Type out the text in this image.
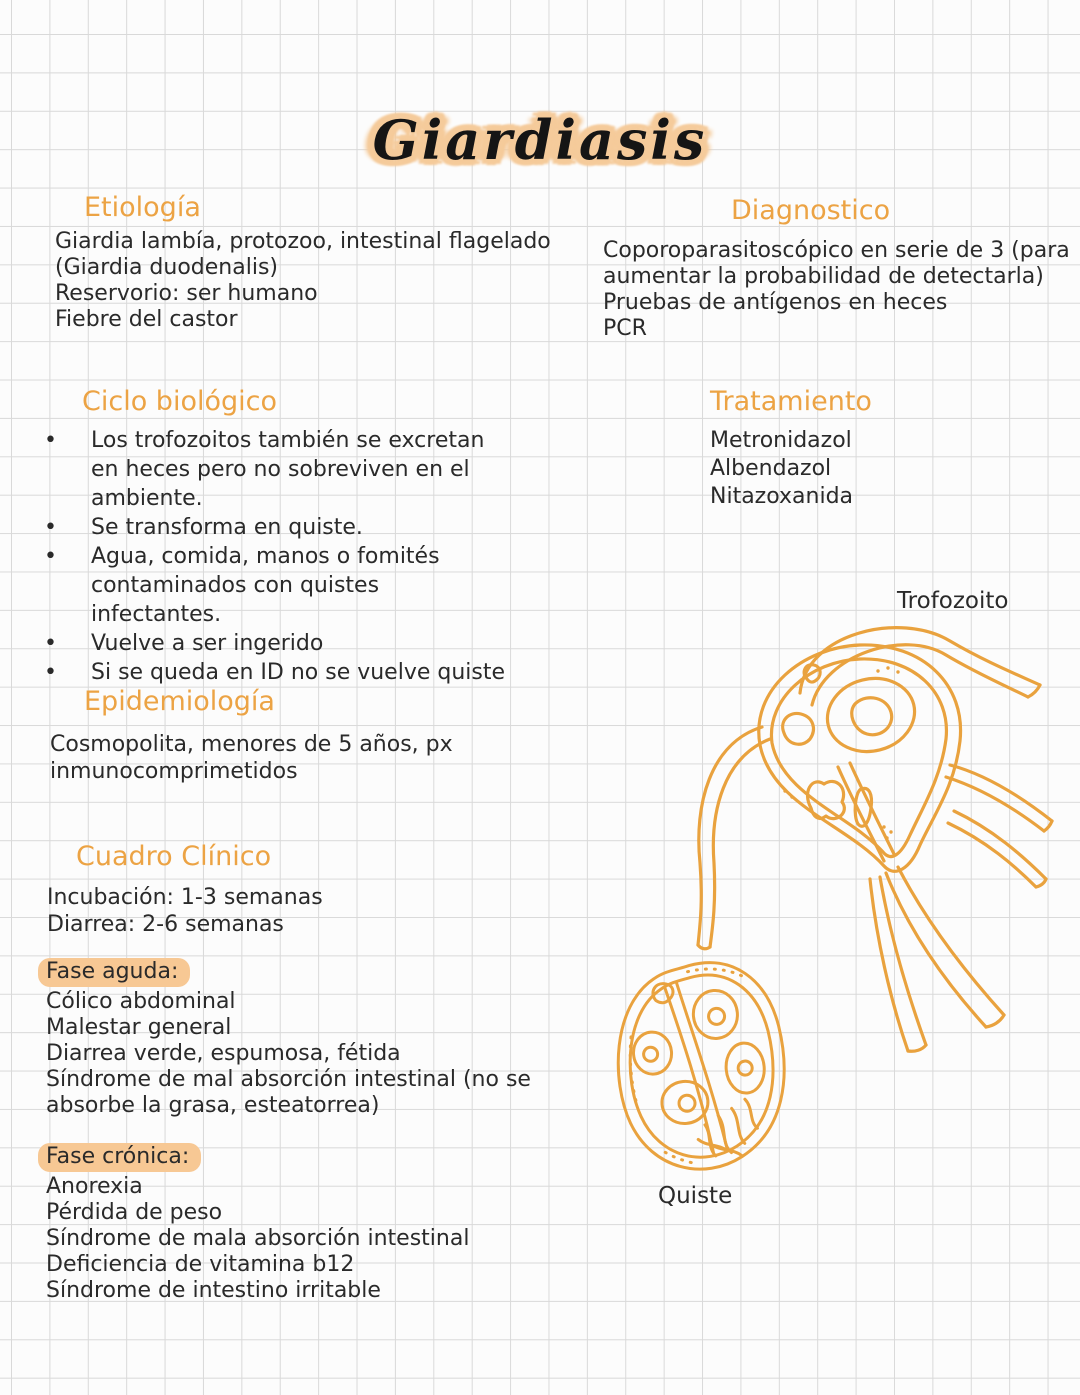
Giardiasis
Etiología
Giardia lambía, protozoo, intestinal flagelado
(Giardia duodenalis)
Reservorio: ser humano
Fiebre del castor
Diagnostico
Coporoparasitoscópico en serie de 3 (para
aumentar la probabilidad de detectarla)
Pruebas de antígenos en heces
PCR
Ciclo biológico
•	Los trofozoitos también se excretan en heces pero no sobreviven en el ambiente.
•	Se transforma en quiste.
•	Agua, comida, manos o fomités contaminados con quistes infectantes.
•	Vuelve a ser ingerido
•	Si se queda en ID no se vuelve quiste
Tratamiento
Metronidazol
Albendazol
Nitazoxanida
Trofozoito
Epidemiología
Cosmopolita, menores de 5 años, px
inmunocomprimetidos
Cuadro Clínico
Incubación: 1-3 semanas
Diarrea: 2-6 semanas
Fase aguda:
Cólico abdominal
Malestar general
Diarrea verde, espumosa, fétida
Síndrome de mal absorción intestinal (no se
absorbe la grasa, esteatorrea)
Quiste
Fase crónica:
Anorexia
Pérdida de peso
Síndrome de mala absorción intestinal
Deficiencia de vitamina b12
Síndrome de intestino irritable
